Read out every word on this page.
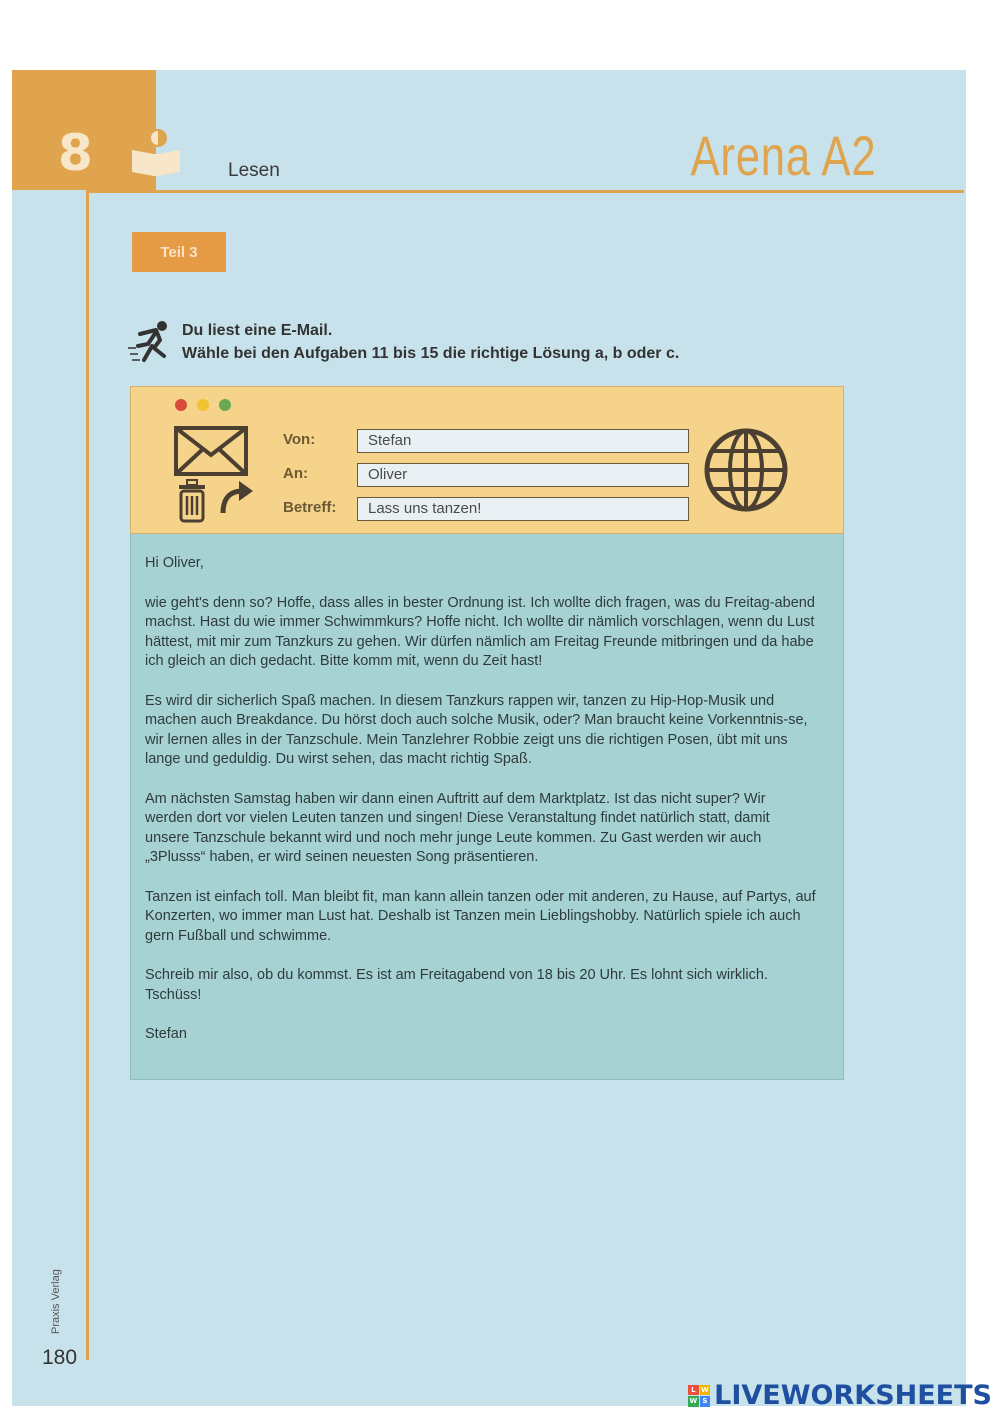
8	Lesen	Arena A2
Teil 3
Du liest eine E-Mail.
Wähle bei den Aufgaben 11 bis 15 die richtige Lösung a, b oder c.
Von:	Stefan
An:	Oliver
Betreff:	Lass uns tanzen!

Hi Oliver,

wie geht's denn so? Hoffe, dass alles in bester Ordnung ist. Ich wollte dich fragen, was du Freitag-abend machst. Hast du wie immer Schwimmkurs? Hoffe nicht. Ich wollte dir nämlich vorschlagen, wenn du Lust hättest, mit mir zum Tanzkurs zu gehen. Wir dürfen nämlich am Freitag Freunde mitbringen und da habe ich gleich an dich gedacht. Bitte komm mit, wenn du Zeit hast!

Es wird dir sicherlich Spaß machen. In diesem Tanzkurs rappen wir, tanzen zu Hip-Hop-Musik und machen auch Breakdance. Du hörst doch auch solche Musik, oder? Man braucht keine Vorkenntnis-se, wir lernen alles in der Tanzschule. Mein Tanzlehrer Robbie zeigt uns die richtigen Posen, übt mit uns lange und geduldig. Du wirst sehen, das macht richtig Spaß.

Am nächsten Samstag haben wir dann einen Auftritt auf dem Marktplatz. Ist das nicht super? Wir werden dort vor vielen Leuten tanzen und singen! Diese Veranstaltung findet natürlich statt, damit unsere Tanzschule bekannt wird und noch mehr junge Leute kommen. Zu Gast werden wir auch „3Plusss“ haben, er wird seinen neuesten Song präsentieren.

Tanzen ist einfach toll. Man bleibt fit, man kann allein tanzen oder mit anderen, zu Hause, auf Partys, auf Konzerten, wo immer man Lust hat. Deshalb ist Tanzen mein Lieblingshobby. Natürlich spiele ich auch gern Fußball und schwimme.

Schreib mir also, ob du kommst. Es ist am Freitagabend von 18 bis 20 Uhr. Es lohnt sich wirklich. Tschüss!

Stefan

Praxis Verlag
180
L W
W S LIVEWORKSHEETS
